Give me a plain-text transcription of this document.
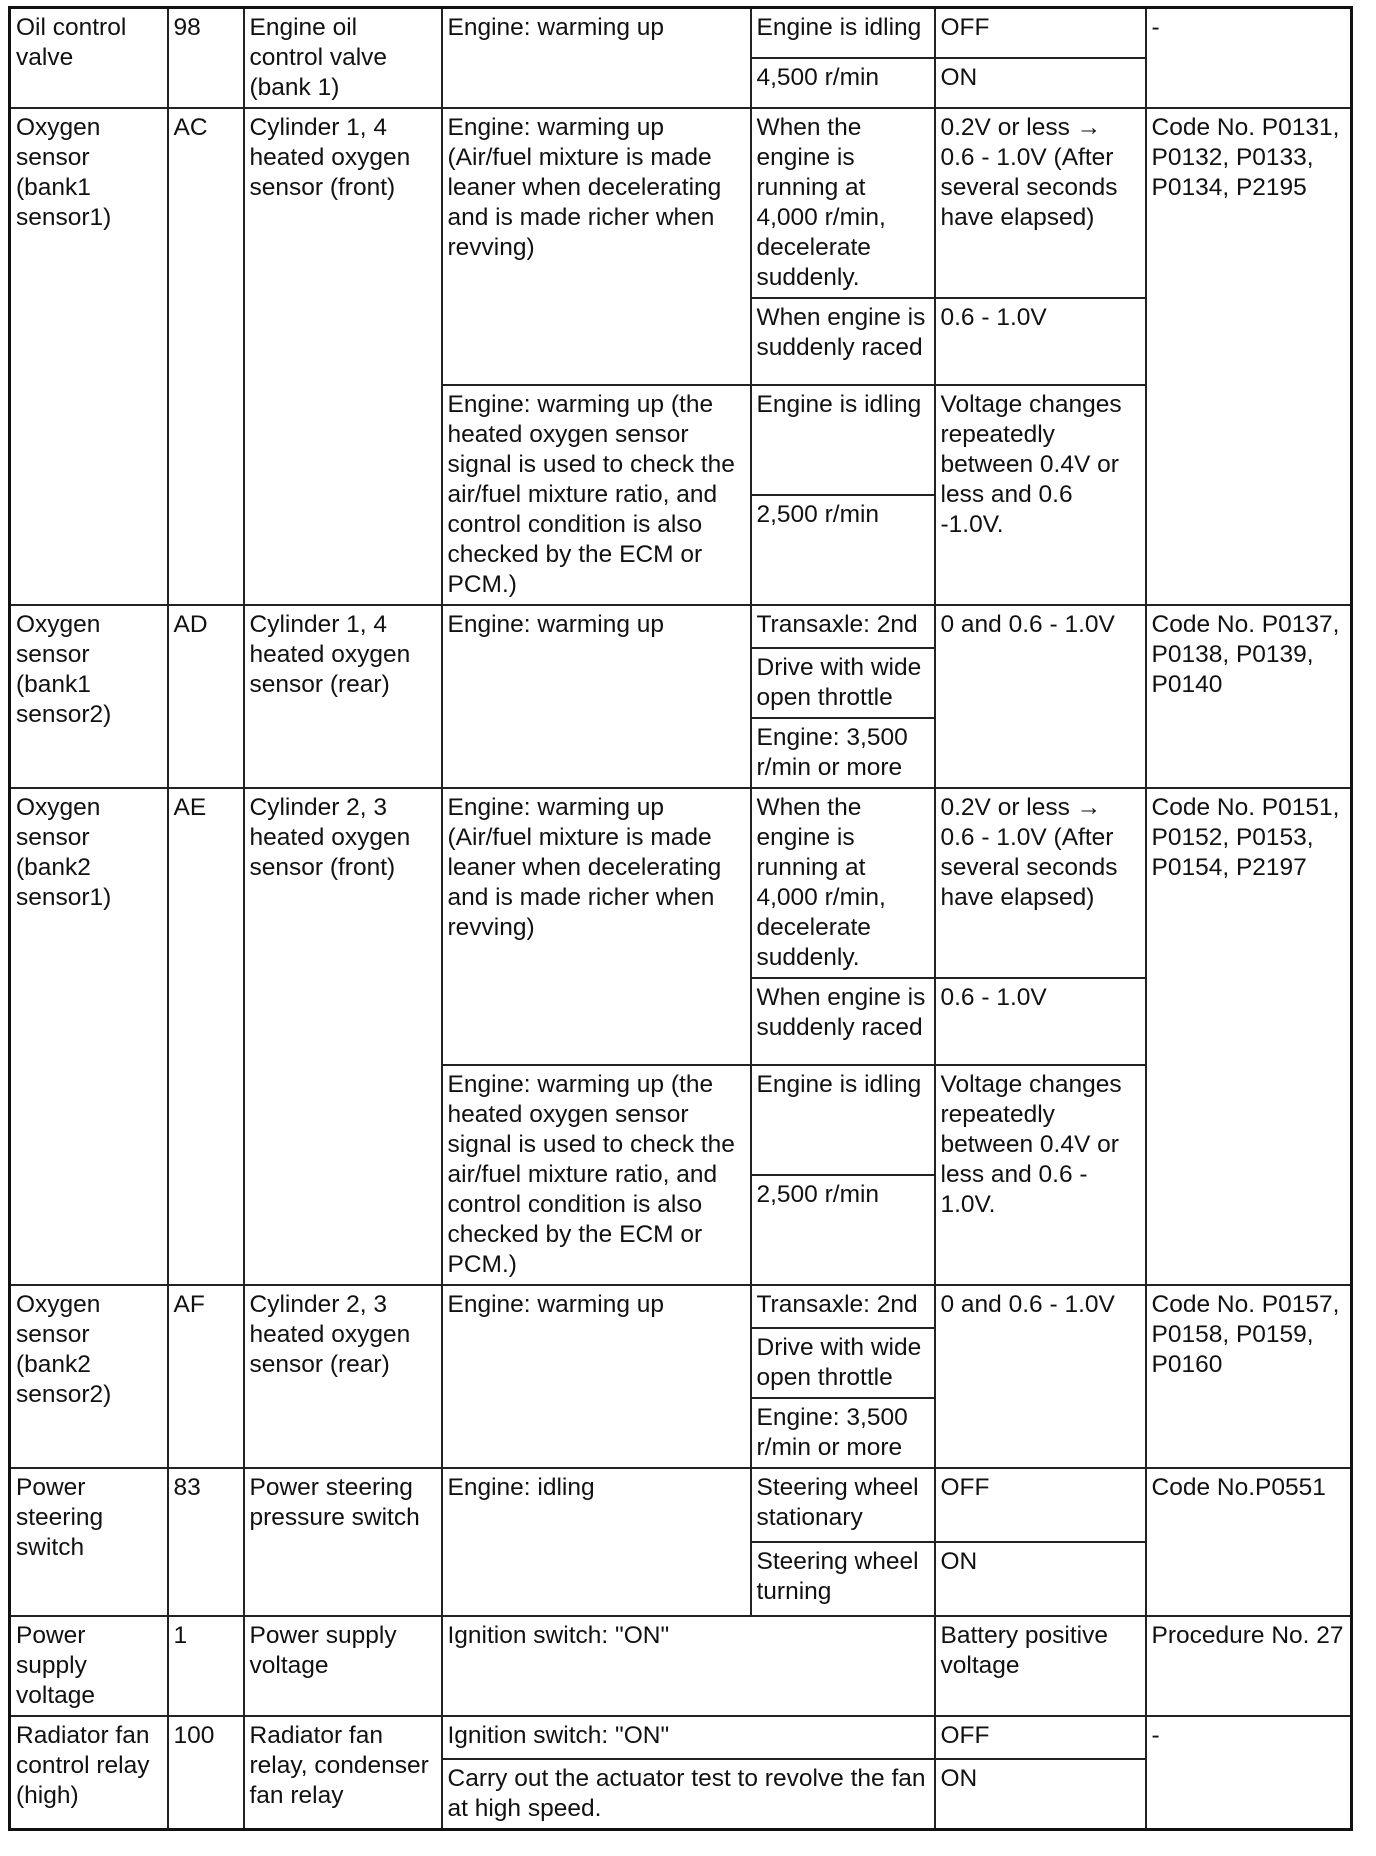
Oil control valve	98	Engine oil control valve (bank 1)	Engine: warming up	Engine is idling	OFF	-
				4,500 r/min	ON	
Oxygen sensor (bank1 sensor1)	AC	Cylinder 1, 4 heated oxygen sensor (front)	Engine: warming up (Air/fuel mixture is made leaner when decelerating and is made richer when revving)	When the engine is running at 4,000 r/min, decelerate suddenly.	0.2V or less → 0.6 - 1.0V (After several seconds have elapsed)	Code No. P0131, P0132, P0133, P0134, P2195
				When engine is suddenly raced	0.6 - 1.0V	
			Engine: warming up (the heated oxygen sensor signal is used to check the air/fuel mixture ratio, and control condition is also checked by the ECM or PCM.)	Engine is idling	Voltage changes repeatedly between 0.4V or less and 0.6 -1.0V.	
				2,500 r/min		
Oxygen sensor (bank1 sensor2)	AD	Cylinder 1, 4 heated oxygen sensor (rear)	Engine: warming up	Transaxle: 2nd	0 and 0.6 - 1.0V	Code No. P0137, P0138, P0139, P0140
				Drive with wide open throttle		
				Engine: 3,500 r/min or more		
Oxygen sensor (bank2 sensor1)	AE	Cylinder 2, 3 heated oxygen sensor (front)	Engine: warming up (Air/fuel mixture is made leaner when decelerating and is made richer when revving)	When the engine is running at 4,000 r/min, decelerate suddenly.	0.2V or less → 0.6 - 1.0V (After several seconds have elapsed)	Code No. P0151, P0152, P0153, P0154, P2197
				When engine is suddenly raced	0.6 - 1.0V	
			Engine: warming up (the heated oxygen sensor signal is used to check the air/fuel mixture ratio, and control condition is also checked by the ECM or PCM.)	Engine is idling	Voltage changes repeatedly between 0.4V or less and 0.6 - 1.0V.	
				2,500 r/min		
Oxygen sensor (bank2 sensor2)	AF	Cylinder 2, 3 heated oxygen sensor (rear)	Engine: warming up	Transaxle: 2nd	0 and 0.6 - 1.0V	Code No. P0157, P0158, P0159, P0160
				Drive with wide open throttle		
				Engine: 3,500 r/min or more		
Power steering switch	83	Power steering pressure switch	Engine: idling	Steering wheel stationary	OFF	Code No.P0551
				Steering wheel turning	ON	
Power supply voltage	1	Power supply voltage	Ignition switch: "ON"		Battery positive voltage	Procedure No. 27
Radiator fan control relay (high)	100	Radiator fan relay, condenser fan relay	Ignition switch: "ON"		OFF	-
			Carry out the actuator test to revolve the fan at high speed.		ON	
